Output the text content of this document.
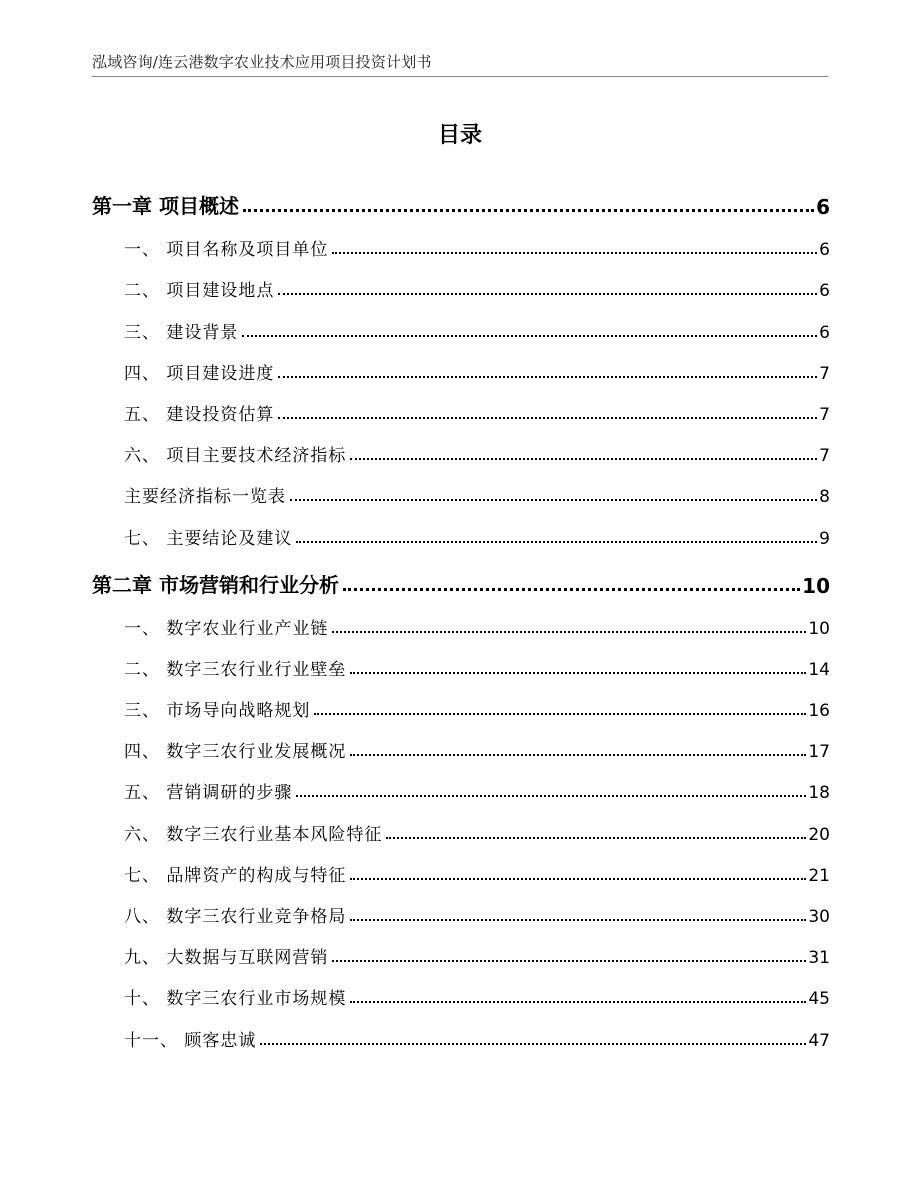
泓域咨询/连云港数字农业技术应用项目投资计划书
目录
第一章 项目概述	6
一、 项目名称及项目单位	6
二、 项目建设地点	6
三、 建设背景	6
四、 项目建设进度	7
五、 建设投资估算	7
六、 项目主要技术经济指标	7
主要经济指标一览表	8
七、 主要结论及建议	9
第二章 市场营销和行业分析	10
一、 数字农业行业产业链	10
二、 数字三农行业行业壁垒	14
三、 市场导向战略规划	16
四、 数字三农行业发展概况	17
五、 营销调研的步骤	18
六、 数字三农行业基本风险特征	20
七、 品牌资产的构成与特征	21
八、 数字三农行业竞争格局	30
九、 大数据与互联网营销	31
十、 数字三农行业市场规模	45
十一、 顾客忠诚	47
